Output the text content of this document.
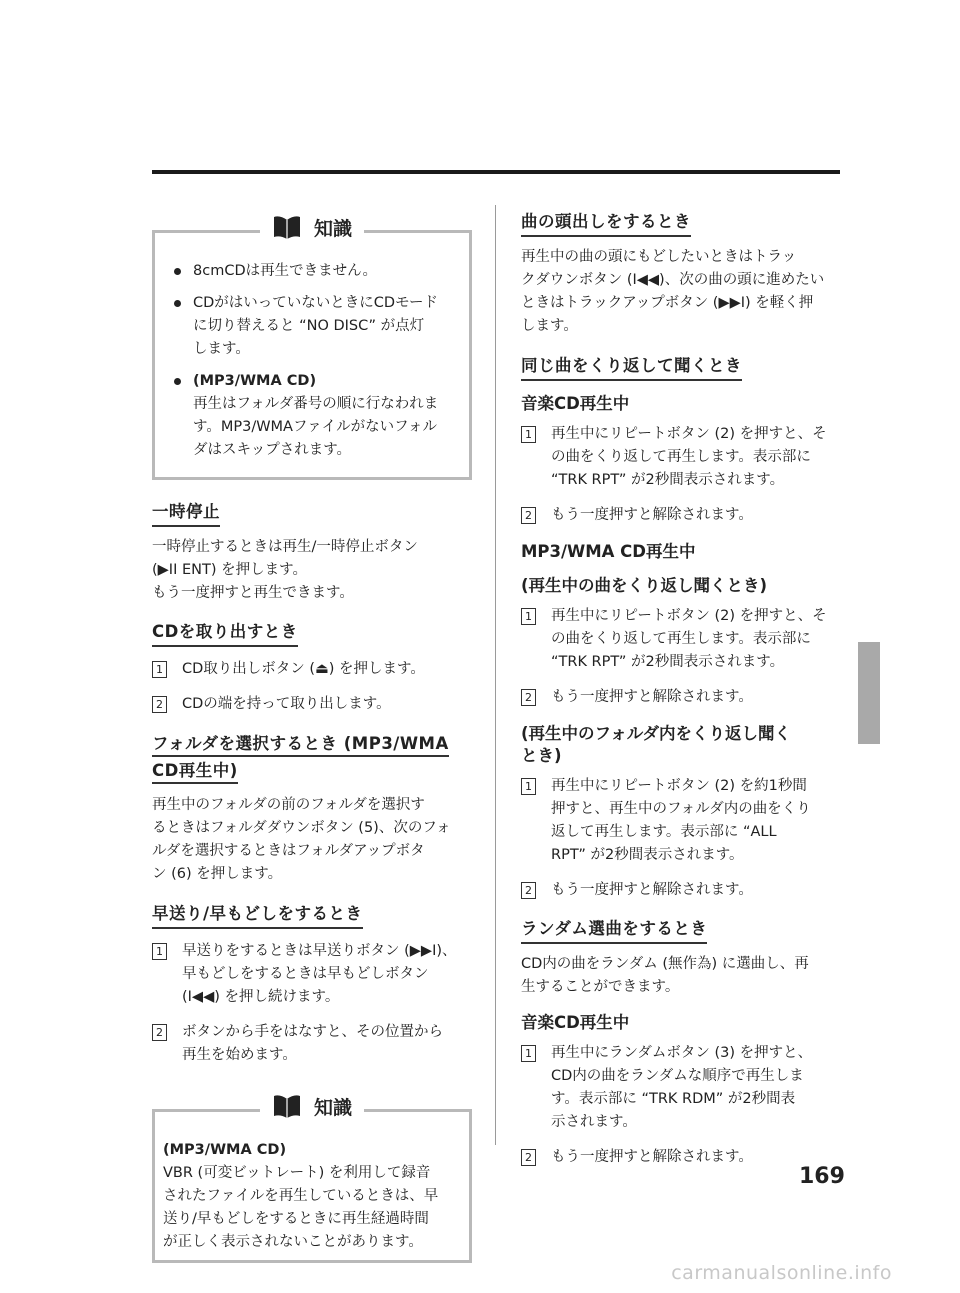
知識
8cmCDは再生できません。
CDがはいっていないときにCDモード
に切り替えると “NO DISC” が点灯
します。
(MP3/WMA CD)
再生はフォルダ番号の順に行なわれま
す。MP3/WMAファイルがないフォル
ダはスキップされます。
一時停止

一時停止するときは再生/一時停止ボタン

(▶II ENT) を押します。

もう一度押すと再生できます。

CDを取り出すとき
1 CD取り出しボタン (⏏) を押します。
2 CDの端を持って取り出します。
フォルダを選択するとき (MP3/WMA
CD再生中)

再生中のフォルダの前のフォルダを選択す

るときはフォルダダウンボタン (5)、次のフォ

ルダを選択するときはフォルダアップボタ

ン (6) を押します。

早送り/早もどしをするとき
1 早送りをするときは早送りボタン (▶▶I)、
早もどしをするときは早もどしボタン
(I◀◀) を押し続けます。
2 ボタンから手をはなすと、その位置から
再生を始めます。
知識

(MP3/WMA CD)

VBR (可変ビットレート) を利用して録音

されたファイルを再生しているときは、早

送り/早もどしをするときに再生経過時間

が正しく表示されないことがあります。

曲の頭出しをするとき

再生中の曲の頭にもどしたいときはトラッ

クダウンボタン (I◀◀)、次の曲の頭に進めたい

ときはトラックアップボタン (▶▶I) を軽く押

します。

同じ曲をくり返して聞くとき
音楽CD再生中
1 再生中にリピートボタン (2) を押すと、そ
の曲をくり返して再生します。表示部に
“TRK RPT” が2秒間表示されます。
2 もう一度押すと解除されます。
MP3/WMA CD再生中
(再生中の曲をくり返し聞くとき)
1 再生中にリピートボタン (2) を押すと、そ
の曲をくり返して再生します。表示部に
“TRK RPT” が2秒間表示されます。
2 もう一度押すと解除されます。
(再生中のフォルダ内をくり返し聞く
とき)
1 再生中にリピートボタン (2) を約1秒間
押すと、再生中のフォルダ内の曲をくり
返して再生します。表示部に “ALL
RPT” が2秒間表示されます。
2 もう一度押すと解除されます。
ランダム選曲をするとき

CD内の曲をランダム (無作為) に選曲し、再

生することができます。

音楽CD再生中
1 再生中にランダムボタン (3) を押すと、
CD内の曲をランダムな順序で再生しま
す。表示部に “TRK RDM” が2秒間表
示されます。
2 もう一度押すと解除されます。
169
carmanualsonline.info
